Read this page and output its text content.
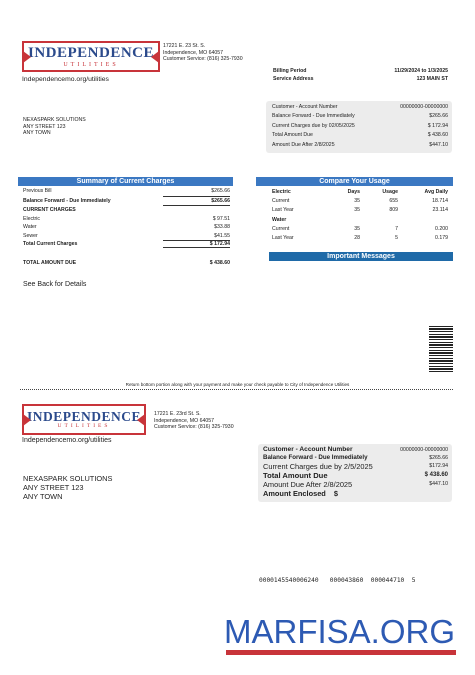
INDEPENDENCE
UTILITIES
17221 E. 23 St. S.
Independence, MO 64057
Customer Service: (816) 325-7930
Independencemo.org/utilities
Billing Period	11/29/2024 to 1/3/2025
Service Address	123 MAIN ST
NEXASPARK SOLUTIONS
ANY STREET 123
ANY TOWN
Customer - Account Number	00000000-00000000
Balance Forward - Due Immediately	$265.66
Current Charges due by 02/05/2025	$ 172.94
Total Amount Due	$ 438.60
Amount Due After 2/8/2025	$447.10
Summary of Current Charges
Previous Bill	$265.66
Balance Forward - Due Immediately	$265.66
CURRENT CHARGES
Electric	$ 97.51
Water	$33.88
Sewer	$41.55
Total Current Charges	$ 172.94
TOTAL AMOUNT DUE	$ 438.60
See Back for Details
Compare Your Usage
Electric	Days	Usage	Avg Daily
Current	35	655	18.714
Last Year	35	809	23.114
Water			
Current	35	7	0.200
Last Year	28	5	0.179
Important Messages
Return bottom portion along with your payment and make your check payable to City of Independence Utilities
INDEPENDENCE
UTILITIES
17221 E. 23rd St. S.
Independence, MO 64057
Customer Service: (816) 325-7930
Independencemo.org/utilities
NEXASPARK SOLUTIONS
ANY STREET 123
ANY TOWN
Customer - Account Number	00000000-00000000
Balance Forward - Due Immediately	$265.66
Current Charges due by 2/5/2025	$172.94
Total Amount Due	$ 438.60
Amount Due After 2/8/2025	$447.10
Amount Enclosed $
0000145540006240   000043860  000044710  5
MARFISA.ORG
